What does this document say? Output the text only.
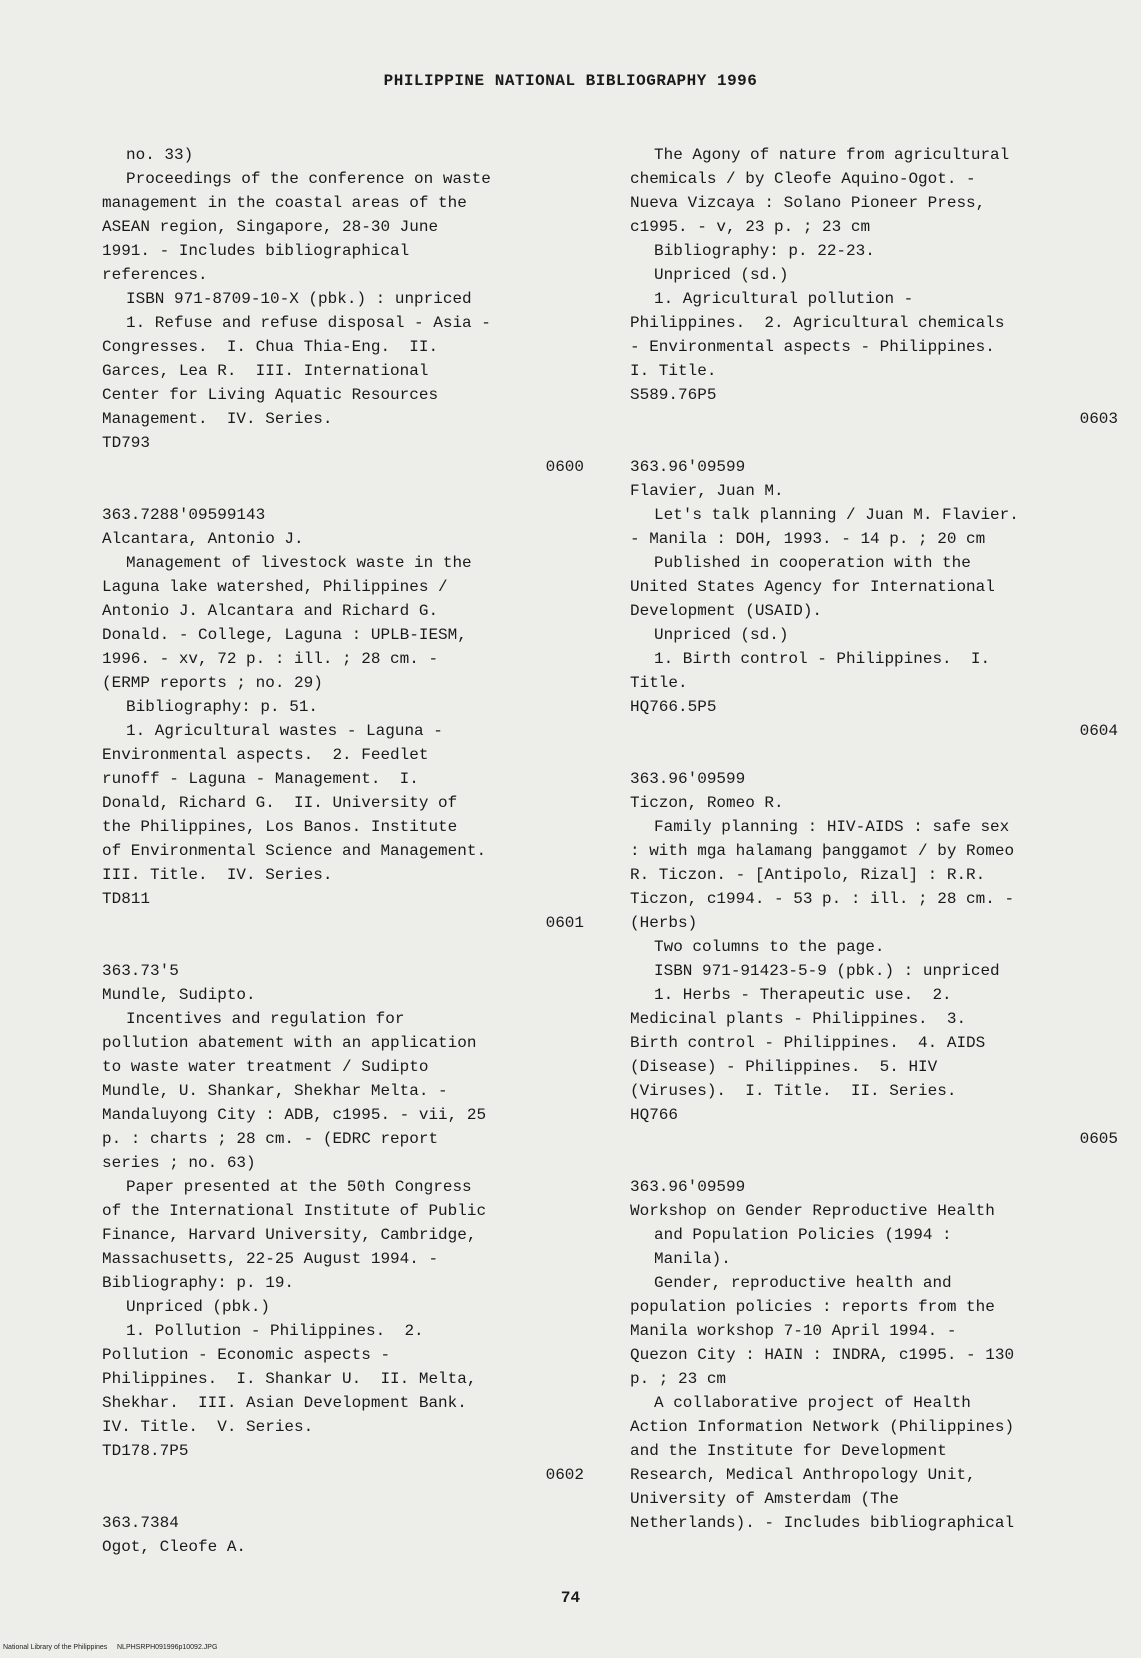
PHILIPPINE NATIONAL BIBLIOGRAPHY 1996
no. 33)
Proceedings of the conference on waste
management in the coastal areas of the
ASEAN region, Singapore, 28-30 June
1991. - Includes bibliographical
references.
ISBN 971-8709-10-X (pbk.) : unpriced
1. Refuse and refuse disposal - Asia -
Congresses.  I. Chua Thia-Eng.  II.
Garces, Lea R.  III. International
Center for Living Aquatic Resources
Management.  IV. Series.
TD793
0600
363.7288'09599143
Alcantara, Antonio J.
Management of livestock waste in the
Laguna lake watershed, Philippines /
Antonio J. Alcantara and Richard G.
Donald. - College, Laguna : UPLB-IESM,
1996. - xv, 72 p. : ill. ; 28 cm. -
(ERMP reports ; no. 29)
Bibliography: p. 51.
1. Agricultural wastes - Laguna -
Environmental aspects.  2. Feedlet
runoff - Laguna - Management.  I.
Donald, Richard G.  II. University of
the Philippines, Los Banos. Institute
of Environmental Science and Management.
III. Title.  IV. Series.
TD811
0601
363.73'5
Mundle, Sudipto.
Incentives and regulation for
pollution abatement with an application
to waste water treatment / Sudipto
Mundle, U. Shankar, Shekhar Melta. -
Mandaluyong City : ADB, c1995. - vii, 25
p. : charts ; 28 cm. - (EDRC report
series ; no. 63)
Paper presented at the 50th Congress
of the International Institute of Public
Finance, Harvard University, Cambridge,
Massachusetts, 22-25 August 1994. -
Bibliography: p. 19.
Unpriced (pbk.)
1. Pollution - Philippines.  2.
Pollution - Economic aspects -
Philippines.  I. Shankar U.  II. Melta,
Shekhar.  III. Asian Development Bank.
IV. Title.  V. Series.
TD178.7P5
0602
363.7384
Ogot, Cleofe A.
The Agony of nature from agricultural
chemicals / by Cleofe Aquino-Ogot. -
Nueva Vizcaya : Solano Pioneer Press,
c1995. - v, 23 p. ; 23 cm
Bibliography: p. 22-23.
Unpriced (sd.)
1. Agricultural pollution -
Philippines.  2. Agricultural chemicals
- Environmental aspects - Philippines.
I. Title.
S589.76P5
0603
363.96'09599
Flavier, Juan M.
Let's talk planning / Juan M. Flavier.
- Manila : DOH, 1993. - 14 p. ; 20 cm
Published in cooperation with the
United States Agency for International
Development (USAID).
Unpriced (sd.)
1. Birth control - Philippines.  I.
Title.
HQ766.5P5
0604
363.96'09599
Ticzon, Romeo R.
Family planning : HIV-AIDS : safe sex
: with mga halamang þanggamot / by Romeo
R. Ticzon. - [Antipolo, Rizal] : R.R.
Ticzon, c1994. - 53 p. : ill. ; 28 cm. -
(Herbs)
Two columns to the page.
ISBN 971-91423-5-9 (pbk.) : unpriced
1. Herbs - Therapeutic use.  2.
Medicinal plants - Philippines.  3.
Birth control - Philippines.  4. AIDS
(Disease) - Philippines.  5. HIV
(Viruses).  I. Title.  II. Series.
HQ766
0605
363.96'09599
Workshop on Gender Reproductive Health
and Population Policies (1994 :
Manila).
Gender, reproductive health and
population policies : reports from the
Manila workshop 7-10 April 1994. -
Quezon City : HAIN : INDRA, c1995. - 130
p. ; 23 cm
A collaborative project of Health
Action Information Network (Philippines)
and the Institute for Development
Research, Medical Anthropology Unit,
University of Amsterdam (The
Netherlands). - Includes bibliographical
74
National Library of the Philippines     NLPHSRPH091996p10092.JPG
